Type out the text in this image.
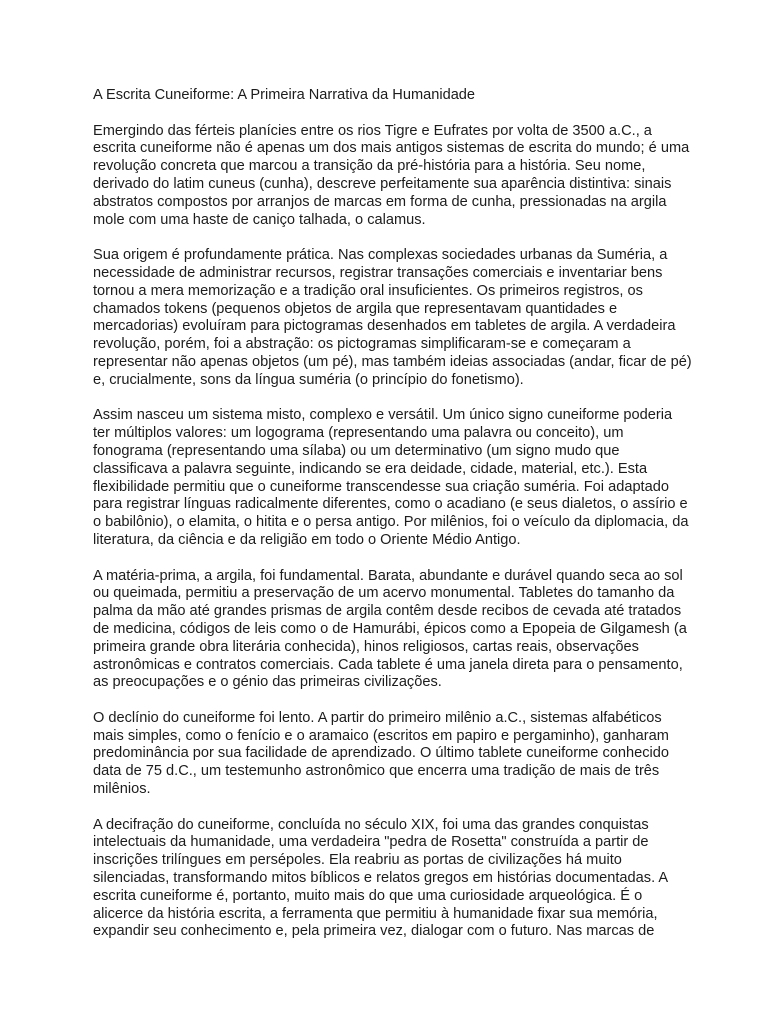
A Escrita Cuneiforme: A Primeira Narrativa da Humanidade

Emergindo das férteis planícies entre os rios Tigre e Eufrates por volta de 3500 a.C., a
escrita cuneiforme não é apenas um dos mais antigos sistemas de escrita do mundo; é uma
revolução concreta que marcou a transição da pré-história para a história. Seu nome,
derivado do latim cuneus (cunha), descreve perfeitamente sua aparência distintiva: sinais
abstratos compostos por arranjos de marcas em forma de cunha, pressionadas na argila
mole com uma haste de caniço talhada, o calamus.

Sua origem é profundamente prática. Nas complexas sociedades urbanas da Suméria, a
necessidade de administrar recursos, registrar transações comerciais e inventariar bens
tornou a mera memorização e a tradição oral insuficientes. Os primeiros registros, os
chamados tokens (pequenos objetos de argila que representavam quantidades e
mercadorias) evoluíram para pictogramas desenhados em tabletes de argila. A verdadeira
revolução, porém, foi a abstração: os pictogramas simplificaram-se e começaram a
representar não apenas objetos (um pé), mas também ideias associadas (andar, ficar de pé)
e, crucialmente, sons da língua suméria (o princípio do fonetismo).

Assim nasceu um sistema misto, complexo e versátil. Um único signo cuneiforme poderia
ter múltiplos valores: um logograma (representando uma palavra ou conceito), um
fonograma (representando uma sílaba) ou um determinativo (um signo mudo que
classificava a palavra seguinte, indicando se era deidade, cidade, material, etc.). Esta
flexibilidade permitiu que o cuneiforme transcendesse sua criação suméria. Foi adaptado
para registrar línguas radicalmente diferentes, como o acadiano (e seus dialetos, o assírio e
o babilônio), o elamita, o hitita e o persa antigo. Por milênios, foi o veículo da diplomacia, da
literatura, da ciência e da religião em todo o Oriente Médio Antigo.

A matéria-prima, a argila, foi fundamental. Barata, abundante e durável quando seca ao sol
ou queimada, permitiu a preservação de um acervo monumental. Tabletes do tamanho da
palma da mão até grandes prismas de argila contêm desde recibos de cevada até tratados
de medicina, códigos de leis como o de Hamurábi, épicos como a Epopeia de Gilgamesh (a
primeira grande obra literária conhecida), hinos religiosos, cartas reais, observações
astronômicas e contratos comerciais. Cada tablete é uma janela direta para o pensamento,
as preocupações e o génio das primeiras civilizações.

O declínio do cuneiforme foi lento. A partir do primeiro milênio a.C., sistemas alfabéticos
mais simples, como o fenício e o aramaico (escritos em papiro e pergaminho), ganharam
predominância por sua facilidade de aprendizado. O último tablete cuneiforme conhecido
data de 75 d.C., um testemunho astronômico que encerra uma tradição de mais de três
milênios.

A decifração do cuneiforme, concluída no século XIX, foi uma das grandes conquistas
intelectuais da humanidade, uma verdadeira "pedra de Rosetta" construída a partir de
inscrições trilíngues em persépoles. Ela reabriu as portas de civilizações há muito
silenciadas, transformando mitos bíblicos e relatos gregos em histórias documentadas. A
escrita cuneiforme é, portanto, muito mais do que uma curiosidade arqueológica. É o
alicerce da história escrita, a ferramenta que permitiu à humanidade fixar sua memória,
expandir seu conhecimento e, pela primeira vez, dialogar com o futuro. Nas marcas de
